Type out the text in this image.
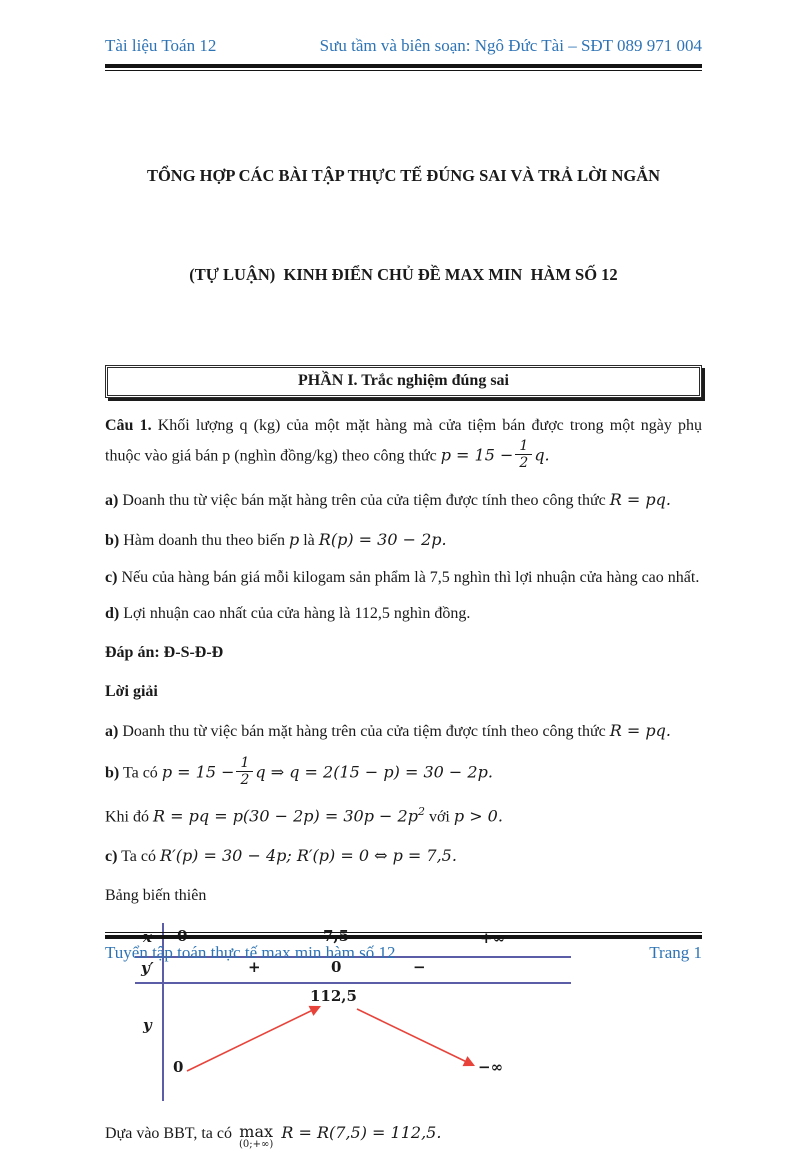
Tài liệu Toán 12	Sưu tầm và biên soạn: Ngô Đức Tài – SĐT 089 971 004

TỔNG HỢP CÁC BÀI TẬP THỰC TẾ ĐÚNG SAI VÀ TRẢ LỜI NGẮN

(TỰ LUẬN)  KINH ĐIỂN CHỦ ĐỀ MAX MIN  HÀM SỐ 12

PHẦN I. Trắc nghiệm đúng sai

Câu 1. Khối lượng q (kg) của một mặt hàng mà cửa tiệm bán được trong một ngày phụ thuộc vào giá bán p (nghìn đồng/kg) theo công thức $p = 15 - \frac{1}{2} q$.

a) Doanh thu từ việc bán mặt hàng trên của cửa tiệm được tính theo công thức R = pq.

b) Hàm doanh thu theo biến p là R(p) = 30 − 2p.

c) Nếu của hàng bán giá mỗi kilogam sản phẩm là 7,5 nghìn thì lợi nhuận cửa hàng cao nhất.

d) Lợi nhuận cao nhất của cửa hàng là 112,5 nghìn đồng.

Đáp án: Đ-S-Đ-Đ

Lời giải

a) Doanh thu từ việc bán mặt hàng trên của cửa tiệm được tính theo công thức R = pq.

b) Ta có $p = 15 - \frac{1}{2}$ q ⇒ q = 2(15 − p) = 30 − 2p.

Khi đó R = pq = $p(30 - 2p) = 30p - 2p^2$ với p > 0.

c) Ta có R′(p) = 30 − 4p; R′(p) = 0 ⇔ p = 7,5.

Bảng biến thiên

x 0	7,5	+∞
y′	+	0	−
y
112,5
0	−∞

Dựa vào BBT, ta có max
(0;+∞)
R = R(7,5) = 112,5.

Tuyển tập toán thực tế max min hàm số 12	Trang 1
